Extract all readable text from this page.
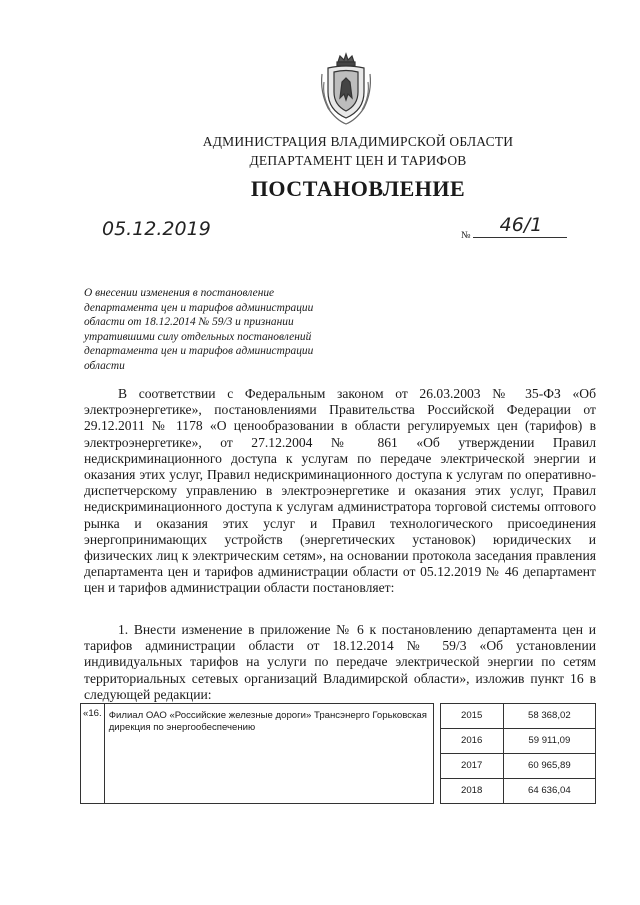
АДМИНИСТРАЦИЯ ВЛАДИМИРСКОЙ ОБЛАСТИ
ДЕПАРТАМЕНТ ЦЕН И ТАРИФОВ
ПОСТАНОВЛЕНИЕ
05.12.2019	№	46/1
О внесении изменения в постановление департамента цен и тарифов администрации области от 18.12.2014 № 59/3 и признании утратившими силу отдельных постановлений департамента цен и тарифов администрации области
В соответствии с Федеральным законом от 26.03.2003 № 35-ФЗ «Об электроэнергетике», постановлениями Правительства Российской Федерации от 29.12.2011 № 1178 «О ценообразовании в области регулируемых цен (тарифов) в электроэнергетике», от 27.12.2004 № 861 «Об утверждении Правил недискриминационного доступа к услугам по передаче электрической энергии и оказания этих услуг, Правил недискриминационного доступа к услугам по оперативно-диспетчерскому управлению в электроэнергетике и оказания этих услуг, Правил недискриминационного доступа к услугам администратора торговой системы оптового рынка и оказания этих услуг и Правил технологического присоединения энергопринимающих устройств (энергетических установок) юридических и физических лиц к электрическим сетям», на основании протокола заседания правления департамента цен и тарифов администрации области от 05.12.2019 № 46 департамент цен и тарифов администрации области постановляет:
1. Внести изменение в приложение № 6 к постановлению департамента цен и тарифов администрации области от 18.12.2014 № 59/3 «Об установлении индивидуальных тарифов на услуги по передаче электрической энергии по сетям территориальных сетевых организаций Владимирской области», изложив пункт 16 в следующей редакции:
«16.	Филиал ОАО «Российские железные дороги» Трансэнерго Горьковская дирекция по энергообеспечению		2015	58 368,02
			2016	59 911,09
			2017	60 965,89
			2018	64 636,04
